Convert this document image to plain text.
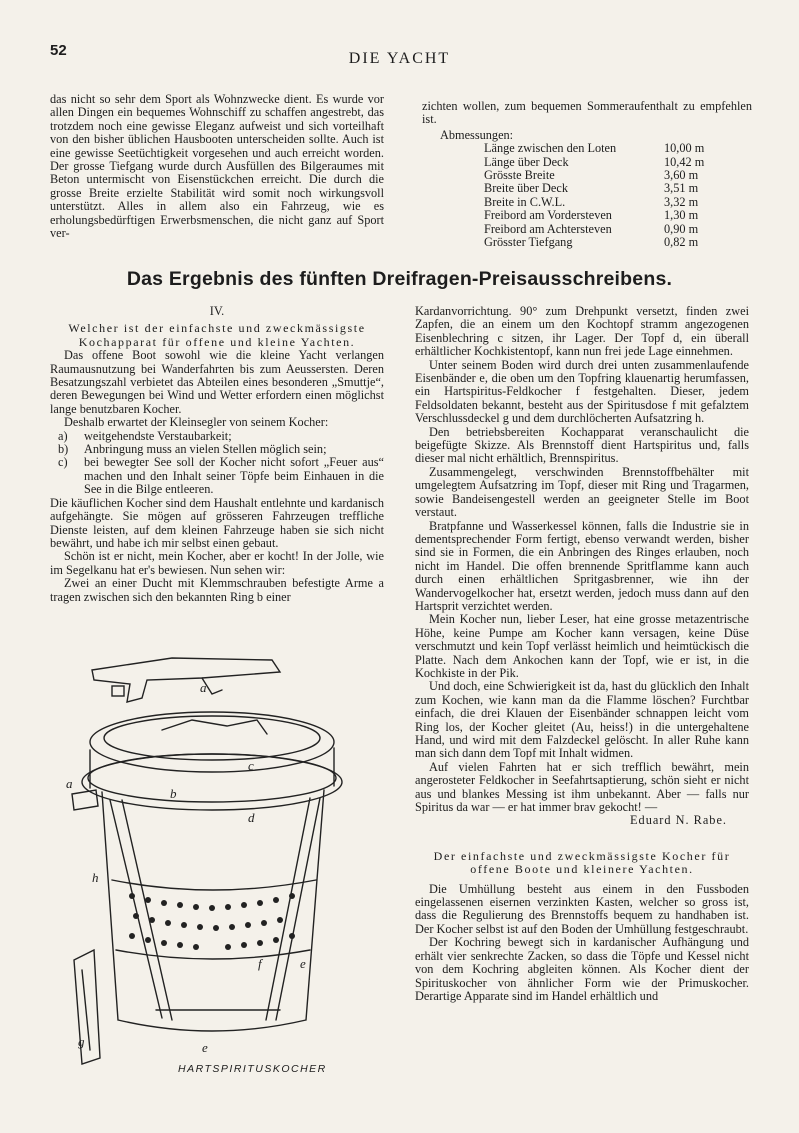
52	DIE YACHT

das nicht so sehr dem Sport als Wohnzwecke dient. Es wurde vor allen Dingen ein bequemes Wohnschiff zu schaffen angestrebt, das trotzdem noch eine gewisse Eleganz aufweist und sich vorteilhaft von den bisher üblichen Hausbooten unterscheiden sollte. Auch ist eine gewisse Seetüchtigkeit vorgesehen und auch erreicht worden. Der grosse Tiefgang wurde durch Ausfüllen des Bilgeraumes mit Beton untermischt von Eisenstückchen erreicht. Die durch die grosse Breite erzielte Stabilität wird somit noch wirkungsvoll unterstützt. Alles in allem also ein Fahrzeug, wie es erholungsbedürftigen Erwerbsmenschen, die nicht ganz auf Sport ver-

zichten wollen, zum bequemen Sommeraufenthalt zu empfehlen ist.

Abmessungen:
Länge zwischen den Loten	10,00 m
Länge über Deck	10,42 m
Grösste Breite	3,60 m
Breite über Deck	3,51 m
Breite in C.W.L.	3,32 m
Freibord am Vordersteven	1,30 m
Freibord am Achtersteven	0,90 m
Grösster Tiefgang	0,82 m
Das Ergebnis des fünften Dreifragen-Preisausschreibens.

IV.

Welcher ist der einfachste und zweckmässigste Kochapparat für offene und kleine Yachten.

Das offene Boot sowohl wie die kleine Yacht verlangen Raumausnutzung bei Wanderfahrten bis zum Aeussersten. Deren Besatzungszahl verbietet das Abteilen eines besonderen „Smuttje“, deren Bewegungen bei Wind und Wetter erfordern einen möglichst lange benutzbaren Kocher.

Deshalb erwartet der Kleinsegler von seinem Kocher:

a)	weitgehendste Verstaubarkeit;
b)	Anbringung muss an vielen Stellen möglich sein;
c)	bei bewegter See soll der Kocher nicht sofort „Feuer aus“ machen und den Inhalt seiner Töpfe beim Einhauen in die See in die Bilge entleeren.

Die käuflichen Kocher sind dem Haushalt entlehnte und kardanisch aufgehängte. Sie mögen auf grösseren Fahrzeugen treffliche Dienste leisten, auf dem kleinen Fahrzeuge haben sie sich nicht bewährt, und habe ich mir selbst einen gebaut.

Schön ist er nicht, mein Kocher, aber er kocht! In der Jolle, wie im Segelkanu hat er's bewiesen. Nun sehen wir:

Zwei an einer Ducht mit Klemmschrauben befestigte Arme a tragen zwischen sich den bekannten Ring b einer

a
a
b
c
d
e
e
f
g
h
HARTSPIRITUSKOCHER

Kardanvorrichtung. 90° zum Drehpunkt versetzt, finden zwei Zapfen, die an einem um den Kochtopf stramm angezogenen Eisenblechring c sitzen, ihr Lager. Der Topf d, ein überall erhältlicher Kochkistentopf, kann nun frei jede Lage einnehmen.

Unter seinem Boden wird durch drei unten zusammenlaufende Eisenbänder e, die oben um den Topfring klauenartig herumfassen, ein Hartspiritus-Feldkocher f festgehalten. Dieser, jedem Feldsoldaten bekannt, besteht aus der Spiritusdose f mit gefalztem Verschlussdeckel g und dem durchlöcherten Aufsatzring h.

Den betriebsbereiten Kochapparat veranschaulicht die beigefügte Skizze. Als Brennstoff dient Hartspiritus und, falls dieser mal nicht erhältlich, Brennspiritus.

Zusammengelegt, verschwinden Brennstoffbehälter mit umgelegtem Aufsatzring im Topf, dieser mit Ring und Tragarmen, sowie Bandeisengestell werden an geeigneter Stelle im Boot verstaut.

Bratpfanne und Wasserkessel können, falls die Industrie sie in dementsprechender Form fertigt, ebenso verwandt werden, bisher sind sie in Formen, die ein Anbringen des Ringes erlauben, noch nicht im Handel. Die offen brennende Spritflamme kann auch durch einen erhältlichen Spritgasbrenner, wie ihn der Wandervogelkocher hat, ersetzt werden, jedoch muss dann auf den Hartsprit verzichtet werden.

Mein Kocher nun, lieber Leser, hat eine grosse metazentrische Höhe, keine Pumpe am Kocher kann versagen, keine Düse verschmutzt und kein Topf verlässt heimlich und heimtückisch die Platte. Nach dem Ankochen kann der Topf, wie er ist, in die Kochkiste in der Pik.

Und doch, eine Schwierigkeit ist da, hast du glücklich den Inhalt zum Kochen, wie kann man da die Flamme löschen? Furchtbar einfach, die drei Klauen der Eisenbänder schnappen leicht vom Ring los, der Kocher gleitet (Au, heiss!) in die untergehaltene Hand, und wird mit dem Falzdeckel gelöscht. In aller Ruhe kann man sich dann dem Topf mit Inhalt widmen.

Auf vielen Fahrten hat er sich trefflich bewährt, mein angerosteter Feldkocher in Seefahrtsaptierung, schön sieht er nicht aus und blankes Messing ist ihm unbekannt. Aber — falls nur Spiritus da war — er hat immer brav gekocht! —

Eduard N. Rabe.

Der einfachste und zweckmässigste Kocher für offene Boote und kleinere Yachten.

Die Umhüllung besteht aus einem in den Fussboden eingelassenen eisernen verzinkten Kasten, welcher so gross ist, dass die Regulierung des Brennstoffs bequem zu handhaben ist. Der Kocher selbst ist auf den Boden der Umhüllung festgeschraubt.

Der Kochring bewegt sich in kardanischer Aufhängung und erhält vier senkrechte Zacken, so dass die Töpfe und Kessel nicht von dem Kochring abgleiten können. Als Kocher dient der Spirituskocher von ähnlicher Form wie der Primuskocher. Derartige Apparate sind im Handel erhältlich und
